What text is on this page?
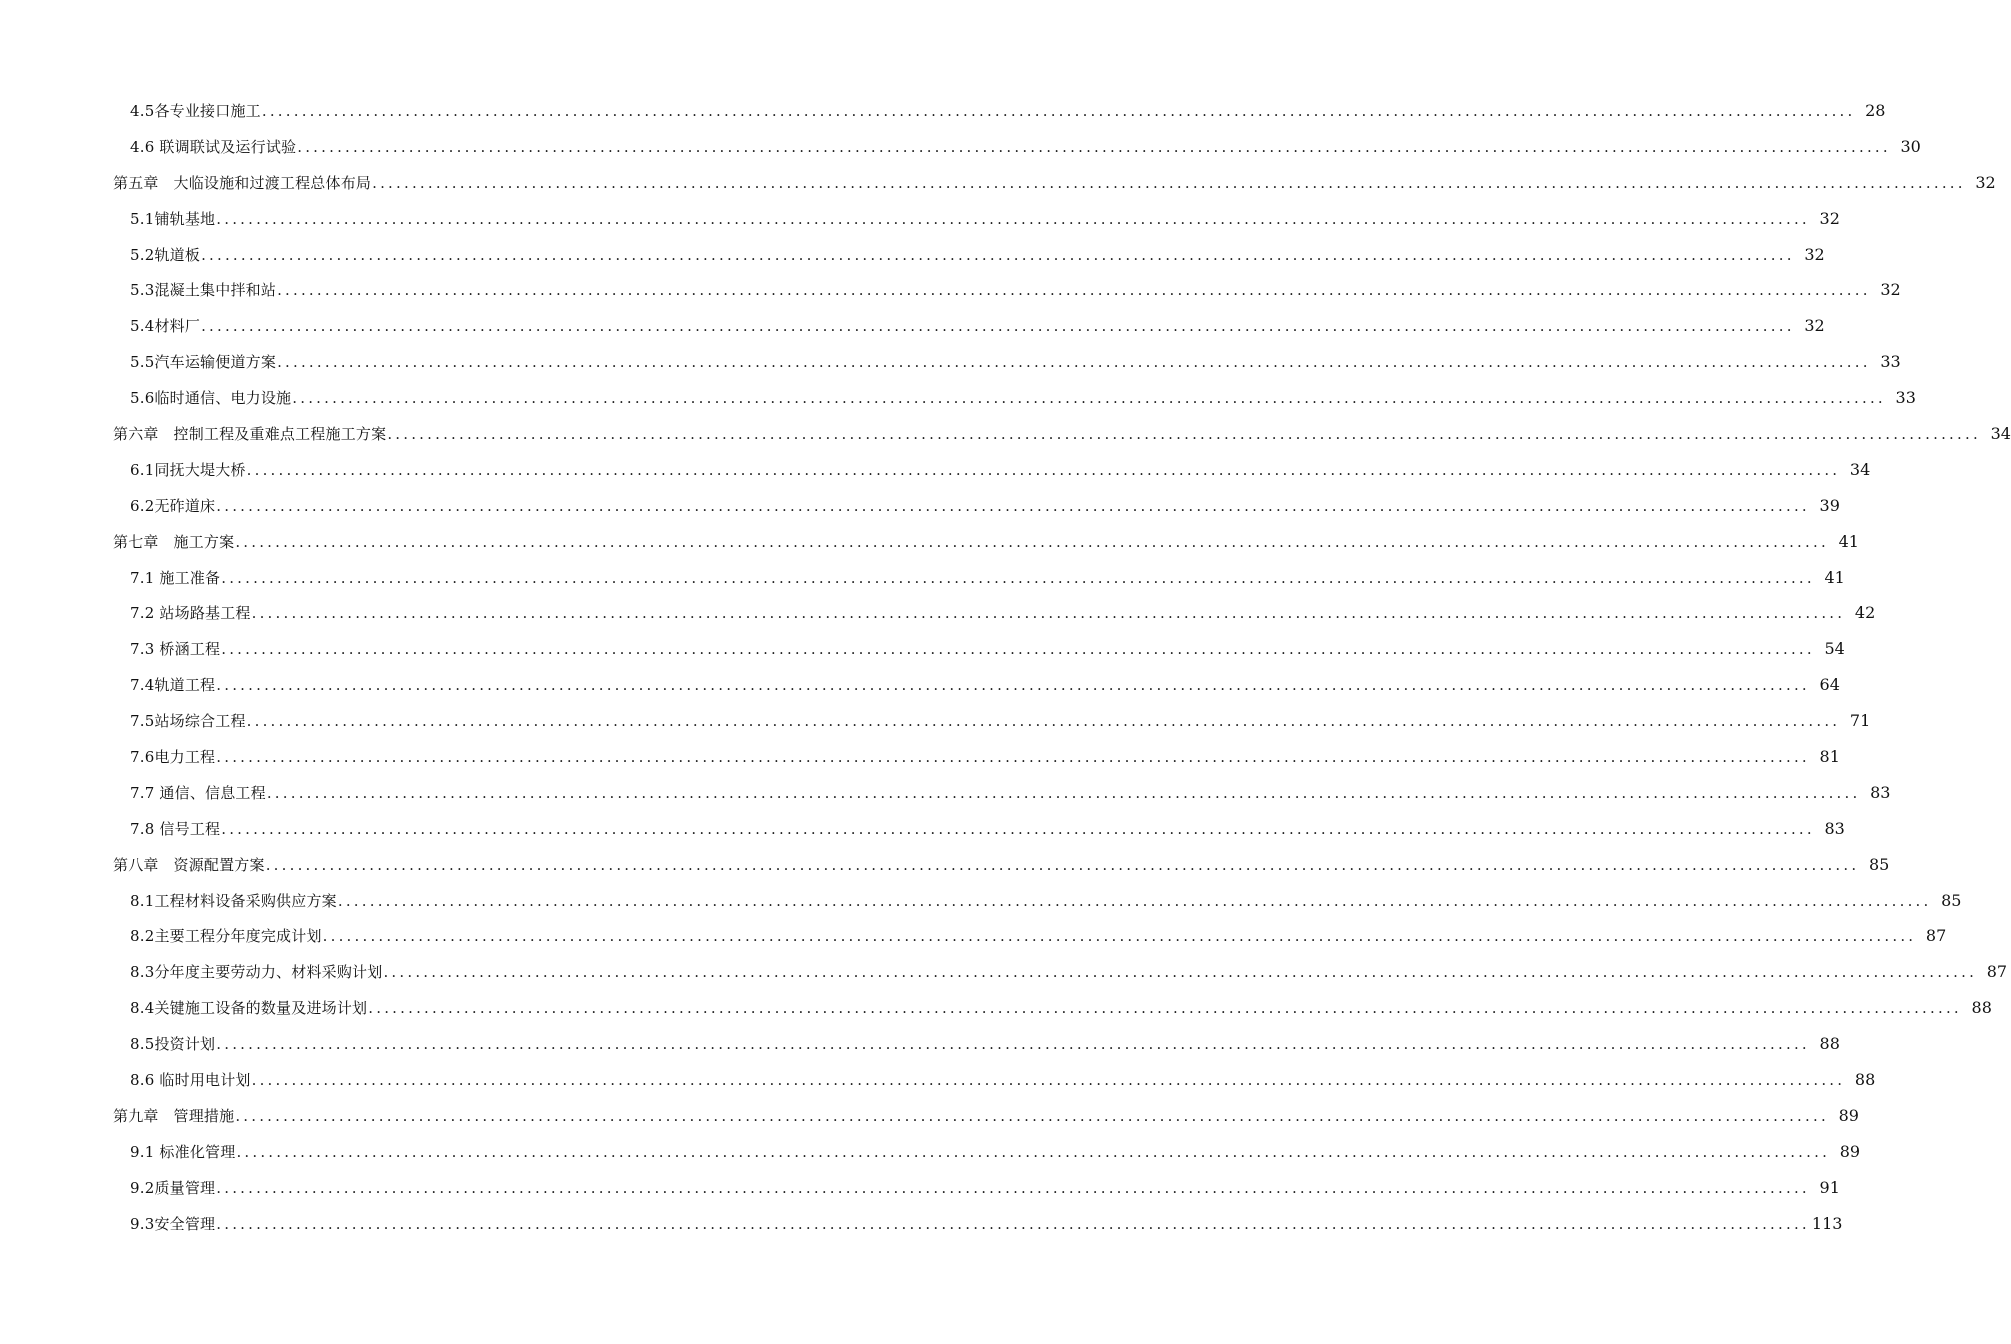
4.5各专业接口施工 ........................................................................................................................................................................................................ 28
4.6 联调联试及运行试验 ........................................................................................................................................................................................................ 30
第五章   大临设施和过渡工程总体布局 ........................................................................................................................................................................................................ 32
5.1铺轨基地 ........................................................................................................................................................................................................ 32
5.2轨道板 ........................................................................................................................................................................................................ 32
5.3混凝土集中拌和站 ........................................................................................................................................................................................................ 32
5.4材料厂 ........................................................................................................................................................................................................ 32
5.5汽车运输便道方案 ........................................................................................................................................................................................................ 33
5.6临时通信、电力设施 ........................................................................................................................................................................................................ 33
第六章   控制工程及重难点工程施工方案 ........................................................................................................................................................................................................ 34
6.1同抚大堤大桥 ........................................................................................................................................................................................................ 34
6.2无砟道床 ........................................................................................................................................................................................................ 39
第七章   施工方案 ........................................................................................................................................................................................................ 41
7.1 施工准备 ........................................................................................................................................................................................................ 41
7.2 站场路基工程 ........................................................................................................................................................................................................ 42
7.3 桥涵工程 ........................................................................................................................................................................................................ 54
7.4轨道工程 ........................................................................................................................................................................................................ 64
7.5站场综合工程 ........................................................................................................................................................................................................ 71
7.6电力工程 ........................................................................................................................................................................................................ 81
7.7 通信、信息工程 ........................................................................................................................................................................................................ 83
7.8 信号工程 ........................................................................................................................................................................................................ 83
第八章   资源配置方案 ........................................................................................................................................................................................................ 85
8.1工程材料设备采购供应方案 ........................................................................................................................................................................................................ 85
8.2主要工程分年度完成计划 ........................................................................................................................................................................................................ 87
8.3分年度主要劳动力、材料采购计划 ........................................................................................................................................................................................................ 87
8.4关键施工设备的数量及进场计划 ........................................................................................................................................................................................................ 88
8.5投资计划 ........................................................................................................................................................................................................ 88
8.6 临时用电计划 ........................................................................................................................................................................................................ 88
第九章   管理措施 ........................................................................................................................................................................................................ 89
9.1 标准化管理 ........................................................................................................................................................................................................ 89
9.2质量管理 ........................................................................................................................................................................................................ 91
9.3安全管理 ........................................................................................................................................................................................................ 113
